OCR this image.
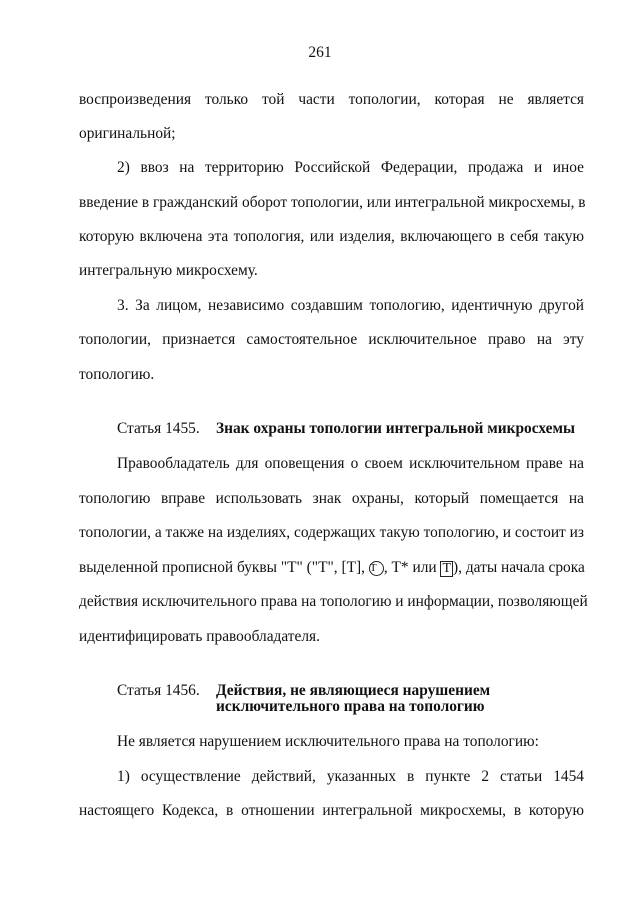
261
воспроизведения только той части топологии, которая не является
оригинальной;
2) ввоз на территорию Российской Федерации, продажа и иное
введение в гражданский оборот топологии, или интегральной микросхемы, в
которую включена эта топология, или изделия, включающего в себя такую
интегральную микросхему.
3. За лицом, независимо создавшим топологию, идентичную другой
топологии, признается самостоятельное исключительное право на эту
топологию.
Статья 1455. Знак охраны топологии интегральной микросхемы
Правообладатель для оповещения о своем исключительном праве на
топологию вправе использовать знак охраны, который помещается на
топологии, а также на изделиях, содержащих такую топологию, и состоит из
выделенной прописной буквы "Т" ("Т", [Т], Т , Т* или Т ), даты начала срока
действия исключительного права на топологию и информации, позволяющей
идентифицировать правообладателя.
Статья 1456. Действия, не являющиеся нарушением
исключительного права на топологию
Не является нарушением исключительного права на топологию:
1) осуществление действий, указанных в пункте 2 статьи 1454
настоящего Кодекса, в отношении интегральной микросхемы, в которую
